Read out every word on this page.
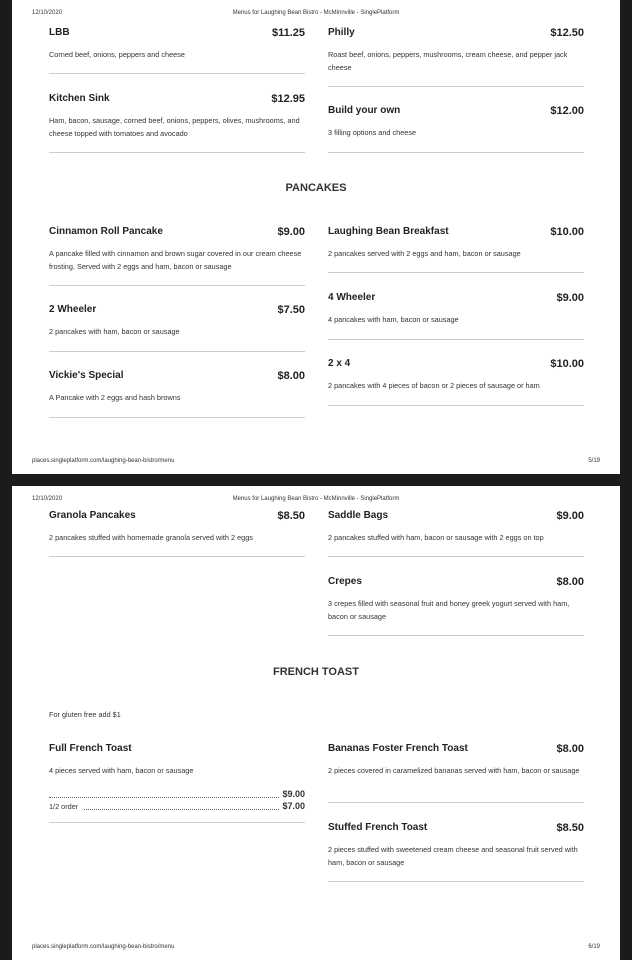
12/10/2020	Menus for Laughing Bean Bistro - McMinnville - SinglePlatform
LBB	$11.25
Corned beef, onions, peppers and cheese
Philly	$12.50
Roast beef, onions, peppers, mushrooms, cream cheese, and pepper jack cheese
Kitchen Sink	$12.95
Ham, bacon, sausage, corned beef, onions, peppers, olives, mushrooms, and cheese topped with tomatoes and avocado
Build your own	$12.00
3 filling options and cheese
PANCAKES
Cinnamon Roll Pancake	$9.00
A pancake filled with cinnamon and brown sugar covered in our cream cheese frosting. Served with 2 eggs and ham, bacon or sausage
Laughing Bean Breakfast	$10.00
2 pancakes served with 2 eggs and ham, bacon or sausage
2 Wheeler	$7.50
2 pancakes with ham, bacon or sausage
4 Wheeler	$9.00
4 pancakes with ham, bacon or sausage
Vickie's Special	$8.00
A Pancake with 2 eggs and hash browns
2 x 4	$10.00
2 pancakes with 4 pieces of bacon or 2 pieces of sausage or ham
places.singleplatform.com/laughing-bean-bistro/menu	5/19
12/10/2020	Menus for Laughing Bean Bistro - McMinnville - SinglePlatform
Granola Pancakes	$8.50
2 pancakes stuffed with homemade granola served with 2 eggs
Saddle Bags	$9.00
2 pancakes stuffed with ham, bacon or sausage with 2 eggs on top
Crepes	$8.00
3 crepes filled with seasonal fruit and honey greek yogurt served with ham, bacon or sausage
FRENCH TOAST
For gluten free add $1
Full French Toast
4 pieces served with ham, bacon or sausage
$9.00
1/2 order	$7.00
Bananas Foster French Toast	$8.00
2 pieces covered in caramelized bananas served with ham, bacon or sausage
Stuffed French Toast	$8.50
2 pieces stuffed with sweetened cream cheese and seasonal fruit served with ham, bacon or sausage
places.singleplatform.com/laughing-bean-bistro/menu	6/19
